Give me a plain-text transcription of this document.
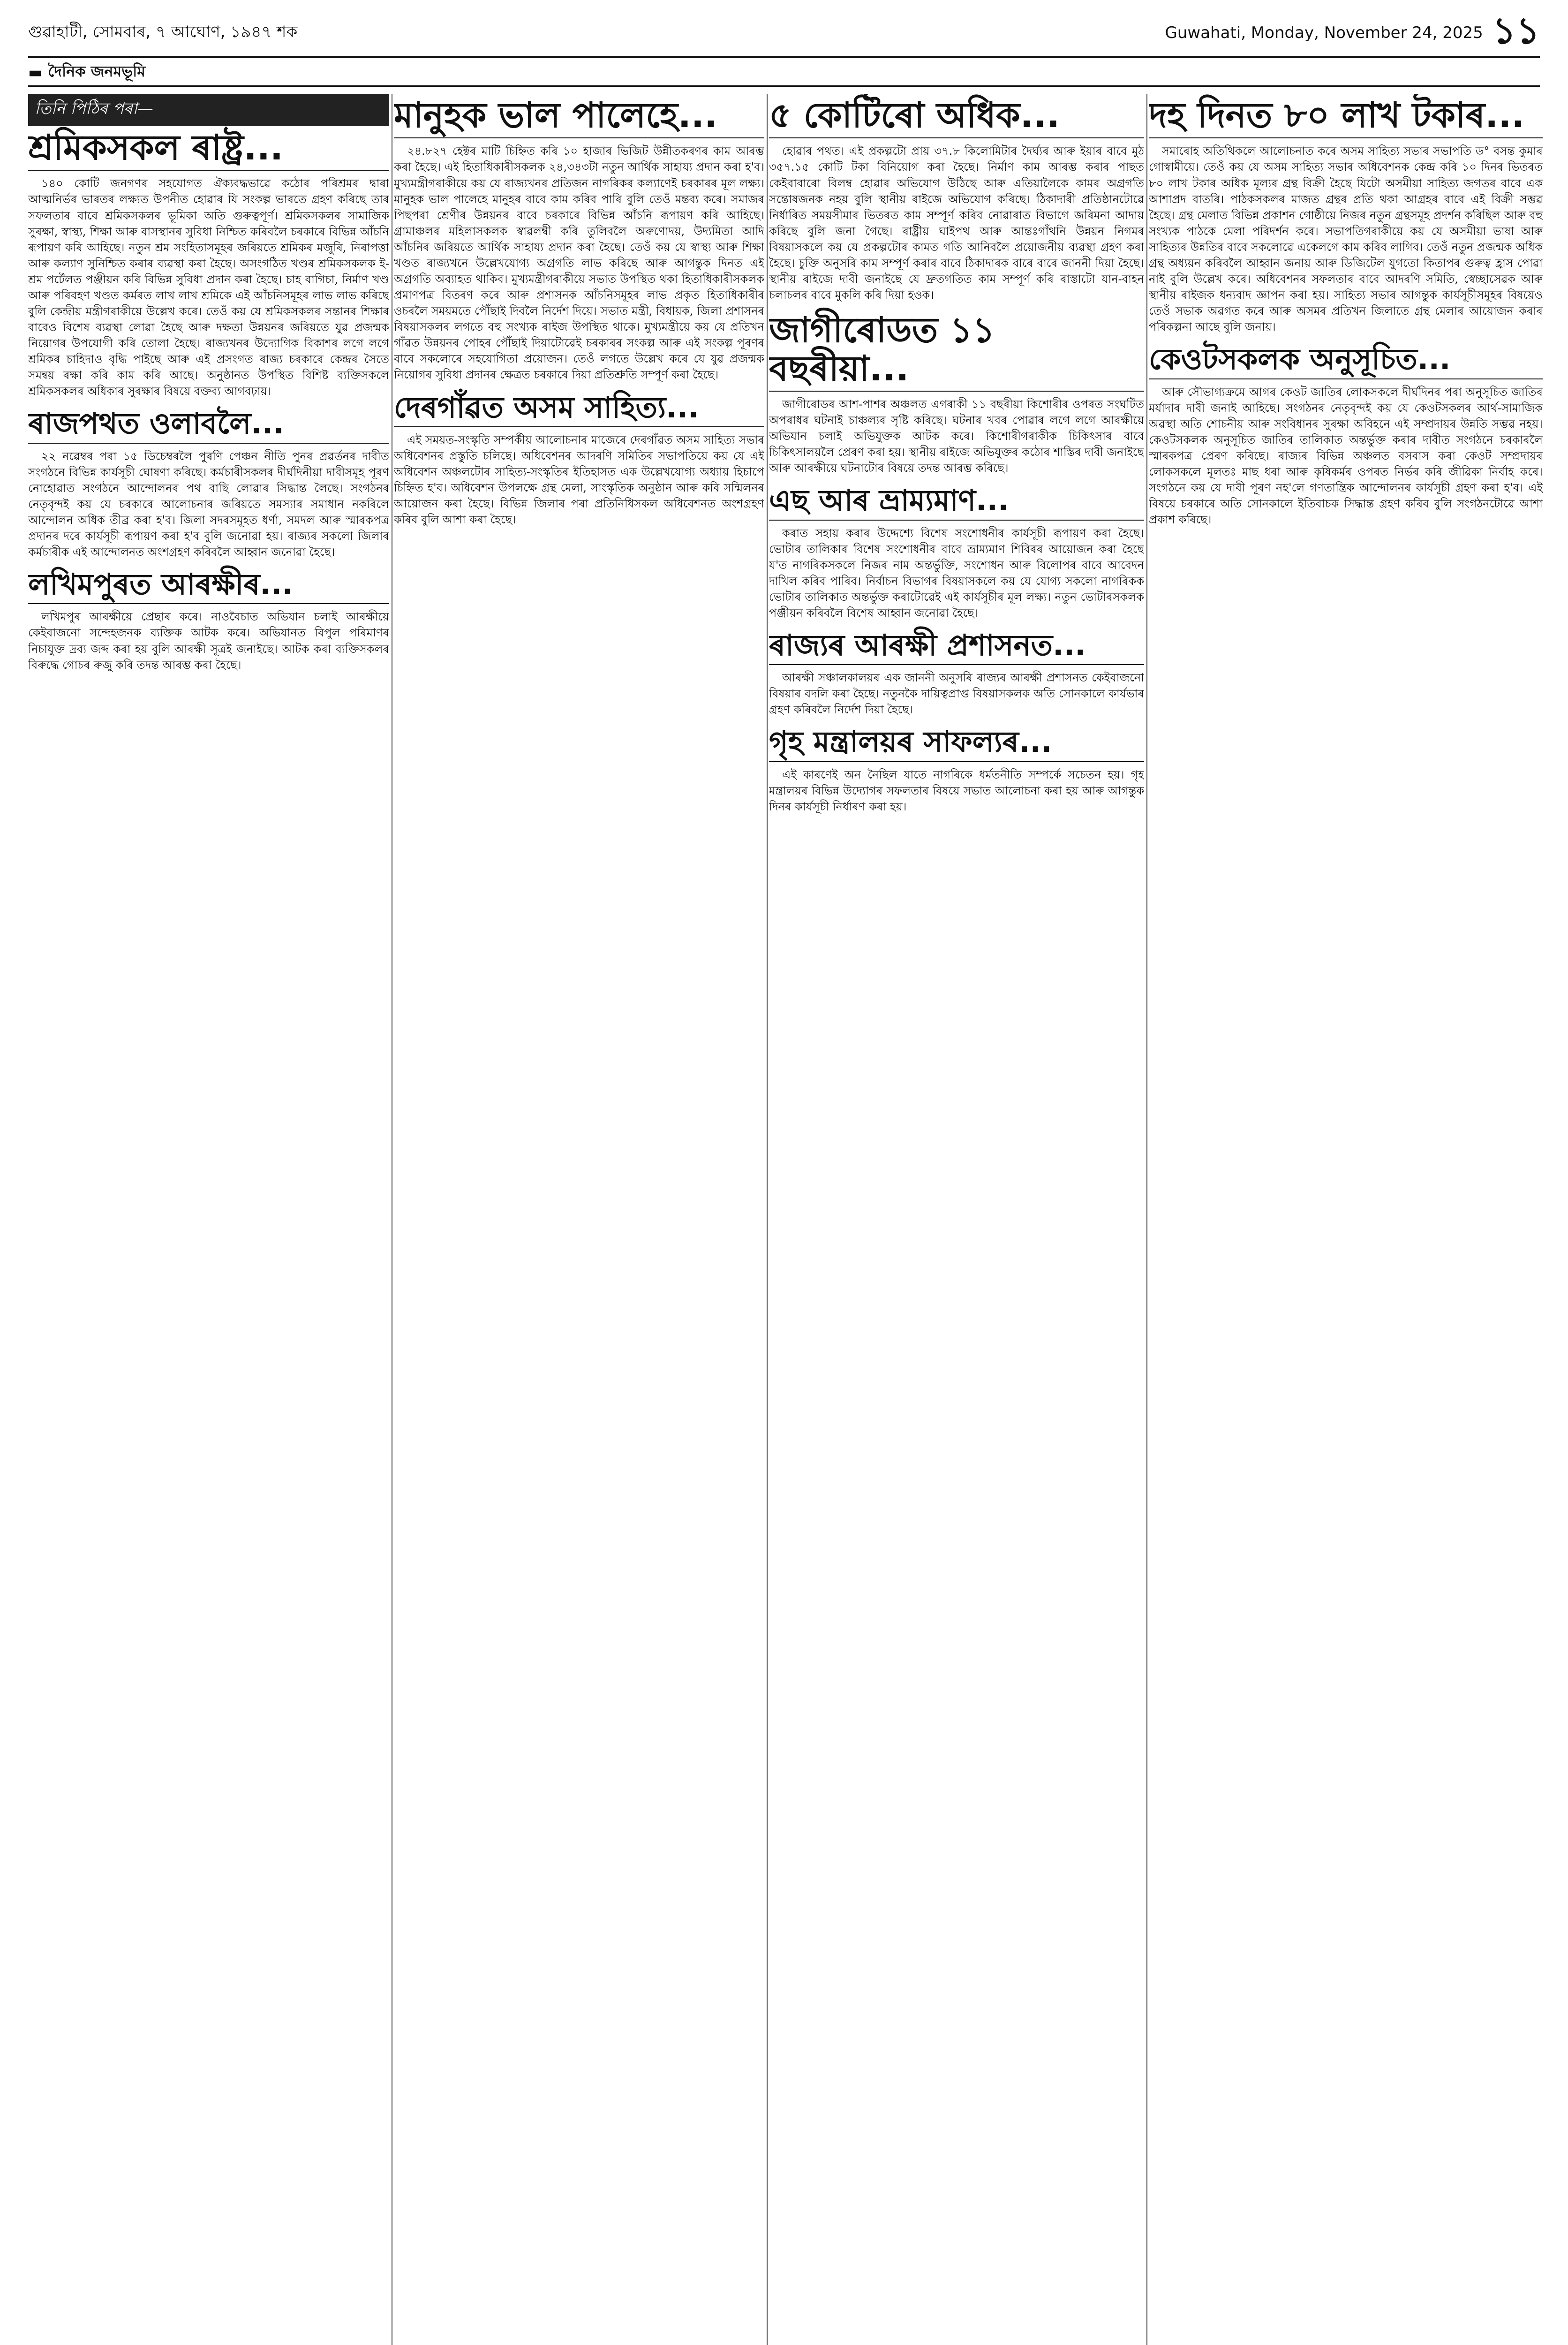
গুৱাহাটী, সোমবাৰ, ৭ আঘোণ, ১৯৪৭ শক	Guwahati, Monday, November 24, 2025 ১১
▬ দৈনিক জনমভূমি
তিনি পিঠিৰ পৰা—
শ্ৰমিকসকল ৰাষ্ট্ৰ...

১৪০ কোটি জনগণৰ সহযোগত ঐক্যবদ্ধভাৱে কঠোৰ পৰিশ্ৰমৰ দ্বাৰা আত্মনিৰ্ভৰ ভাৰতৰ লক্ষ্যত উপনীত হোৱাৰ যি সংকল্প ভাৰতে গ্ৰহণ কৰিছে তাৰ সফলতাৰ বাবে শ্ৰমিকসকলৰ ভূমিকা অতি গুৰুত্বপূৰ্ণ। শ্ৰমিকসকলৰ সামাজিক সুৰক্ষা, স্বাস্থ্য, শিক্ষা আৰু বাসস্থানৰ সুবিধা নিশ্চিত কৰিবলৈ চৰকাৰে বিভিন্ন আঁচনি ৰূপায়ণ কৰি আহিছে। নতুন শ্ৰম সংহিতাসমূহৰ জৰিয়তে শ্ৰমিকৰ মজুৰি, নিৰাপত্তা আৰু কল্যাণ সুনিশ্চিত কৰাৰ ব্যৱস্থা কৰা হৈছে। অসংগঠিত খণ্ডৰ শ্ৰমিকসকলক ই-শ্ৰম পৰ্টেলত পঞ্জীয়ন কৰি বিভিন্ন সুবিধা প্ৰদান কৰা হৈছে। চাহ বাগিচা, নিৰ্মাণ খণ্ড আৰু পৰিবহণ খণ্ডত কৰ্মৰত লাখ লাখ শ্ৰমিকে এই আঁচনিসমূহৰ লাভ লাভ কৰিছে বুলি কেন্দ্ৰীয় মন্ত্ৰীগৰাকীয়ে উল্লেখ কৰে। তেওঁ কয় যে শ্ৰমিকসকলৰ সন্তানৰ শিক্ষাৰ বাবেও বিশেষ ব্যৱস্থা লোৱা হৈছে আৰু দক্ষতা উন্নয়নৰ জৰিয়তে যুৱ প্ৰজন্মক নিয়োগৰ উপযোগী কৰি তোলা হৈছে। ৰাজ্যখনৰ উদ্যোগিক বিকাশৰ লগে লগে শ্ৰমিকৰ চাহিদাও বৃদ্ধি পাইছে আৰু এই প্ৰসংগত ৰাজ্য চৰকাৰে কেন্দ্ৰৰ সৈতে সমন্বয় ৰক্ষা কৰি কাম কৰি আছে। অনুষ্ঠানত উপস্থিত বিশিষ্ট ব্যক্তিসকলে শ্ৰমিকসকলৰ অধিকাৰ সুৰক্ষাৰ বিষয়ে বক্তব্য আগবঢ়ায়।

ৰাজপথত ওলাবলৈ...

২২ নৱেম্বৰ পৰা ১৫ ডিচেম্বৰলৈ পুৰণি পেঞ্চন নীতি পুনৰ প্ৰৱৰ্তনৰ দাবীত সংগঠনে বিভিন্ন কাৰ্যসূচী ঘোষণা কৰিছে। কৰ্মচাৰীসকলৰ দীৰ্ঘদিনীয়া দাবীসমূহ পূৰণ নোহোৱাত সংগঠনে আন্দোলনৰ পথ বাছি লোৱাৰ সিদ্ধান্ত লৈছে। সংগঠনৰ নেতৃবৃন্দই কয় যে চৰকাৰে আলোচনাৰ জৰিয়তে সমস্যাৰ সমাধান নকৰিলে আন্দোলন অধিক তীব্ৰ কৰা হ'ব। জিলা সদৰসমূহত ধৰ্ণা, সমদল আৰু স্মাৰকপত্ৰ প্ৰদানৰ দৰে কাৰ্যসূচী ৰূপায়ণ কৰা হ'ব বুলি জনোৱা হয়। ৰাজ্যৰ সকলো জিলাৰ কৰ্মচাৰীক এই আন্দোলনত অংশগ্ৰহণ কৰিবলৈ আহ্বান জনোৱা হৈছে।

লখিমপুৰত আৰক্ষীৰ...

লখিমপুৰ আৰক্ষীয়ে প্ৰেছাৰ কৰে। নাওবৈচাত অভিযান চলাই আৰক্ষীয়ে কেইবাজনো সন্দেহজনক ব্যক্তিক আটক কৰে। অভিযানত বিপুল পৰিমাণৰ নিচাযুক্ত দ্ৰব্য জব্দ কৰা হয় বুলি আৰক্ষী সূত্ৰই জনাইছে। আটক কৰা ব্যক্তিসকলৰ বিৰুদ্ধে গোচৰ ৰুজু কৰি তদন্ত আৰম্ভ কৰা হৈছে।

মানুহক ভাল পালেহে...

২৪.৮২৭ হেক্টৰ মাটি চিহ্নিত কৰি ১০ হাজাৰ ভিজিট উন্নীতকৰণৰ কাম আৰম্ভ কৰা হৈছে। এই হিতাধিকাৰীসকলক ২৪,৩৪৩টা নতুন আৰ্থিক সাহায্য প্ৰদান কৰা হ'ব। মুখ্যমন্ত্ৰীগৰাকীয়ে কয় যে ৰাজ্যখনৰ প্ৰতিজন নাগৰিকৰ কল্যাণেই চৰকাৰৰ মূল লক্ষ্য। মানুহক ভাল পালেহে মানুহৰ বাবে কাম কৰিব পাৰি বুলি তেওঁ মন্তব্য কৰে। সমাজৰ পিছপৰা শ্ৰেণীৰ উন্নয়নৰ বাবে চৰকাৰে বিভিন্ন আঁচনি ৰূপায়ণ কৰি আহিছে। গ্ৰামাঞ্চলৰ মহিলাসকলক স্বাৱলম্বী কৰি তুলিবলৈ অৰুণোদয়, উদ্যমিতা আদি আঁচনিৰ জৰিয়তে আৰ্থিক সাহায্য প্ৰদান কৰা হৈছে। তেওঁ কয় যে স্বাস্থ্য আৰু শিক্ষা খণ্ডত ৰাজ্যখনে উল্লেখযোগ্য অগ্ৰগতি লাভ কৰিছে আৰু আগন্তুক দিনত এই অগ্ৰগতি অব্যাহত থাকিব। মুখ্যমন্ত্ৰীগৰাকীয়ে সভাত উপস্থিত থকা হিতাধিকাৰীসকলক প্ৰমাণপত্ৰ বিতৰণ কৰে আৰু প্ৰশাসনক আঁচনিসমূহৰ লাভ প্ৰকৃত হিতাধিকাৰীৰ ওচৰলৈ সময়মতে পৌঁছাই দিবলৈ নিৰ্দেশ দিয়ে। সভাত মন্ত্ৰী, বিধায়ক, জিলা প্ৰশাসনৰ বিষয়াসকলৰ লগতে বহু সংখ্যক ৰাইজ উপস্থিত থাকে। মুখ্যমন্ত্ৰীয়ে কয় যে প্ৰতিখন গাঁৱত উন্নয়নৰ পোহৰ পৌঁছাই দিয়াটোৱেই চৰকাৰৰ সংকল্প আৰু এই সংকল্প পূৰণৰ বাবে সকলোৰে সহযোগিতা প্ৰয়োজন। তেওঁ লগতে উল্লেখ কৰে যে যুৱ প্ৰজন্মক নিয়োগৰ সুবিধা প্ৰদানৰ ক্ষেত্ৰত চৰকাৰে দিয়া প্ৰতিশ্ৰুতি সম্পূৰ্ণ কৰা হৈছে।

দেৰগাঁৱত অসম সাহিত্য...

এই সময়ত-সংস্কৃতি সম্পৰ্কীয় আলোচনাৰ মাজেৰে দেৰগাঁৱত অসম সাহিত্য সভাৰ অধিবেশনৰ প্ৰস্তুতি চলিছে। অধিবেশনৰ আদৰণি সমিতিৰ সভাপতিয়ে কয় যে এই অধিবেশন অঞ্চলটোৰ সাহিত্য-সংস্কৃতিৰ ইতিহাসত এক উল্লেখযোগ্য অধ্যায় হিচাপে চিহ্নিত হ'ব। অধিবেশন উপলক্ষে গ্ৰন্থ মেলা, সাংস্কৃতিক অনুষ্ঠান আৰু কবি সন্মিলনৰ আয়োজন কৰা হৈছে। বিভিন্ন জিলাৰ পৰা প্ৰতিনিধিসকল অধিবেশনত অংশগ্ৰহণ কৰিব বুলি আশা কৰা হৈছে।

৫ কোটিৰো অধিক...

হোৱাৰ পথত। এই প্ৰকল্পটো প্ৰায় ৩৭.৮ কিলোমিটাৰ দৈৰ্ঘ্যৰ আৰু ইয়াৰ বাবে মুঠ ৩৫৭.১৫ কোটি টকা বিনিয়োগ কৰা হৈছে। নিৰ্মাণ কাম আৰম্ভ কৰাৰ পাছত কেইবাবাৰো বিলম্ব হোৱাৰ অভিযোগ উঠিছে আৰু এতিয়ালৈকে কামৰ অগ্ৰগতি সন্তোষজনক নহয় বুলি স্থানীয় ৰাইজে অভিযোগ কৰিছে। ঠিকাদাৰী প্ৰতিষ্ঠানটোৱে নিৰ্ধাৰিত সময়সীমাৰ ভিতৰত কাম সম্পূৰ্ণ কৰিব নোৱাৰাত বিভাগে জৰিমনা আদায় কৰিছে বুলি জনা গৈছে। ৰাষ্ট্ৰীয় ঘাইপথ আৰু আন্তঃগাঁথনি উন্নয়ন নিগমৰ বিষয়াসকলে কয় যে প্ৰকল্পটোৰ কামত গতি আনিবলৈ প্ৰয়োজনীয় ব্যৱস্থা গ্ৰহণ কৰা হৈছে। চুক্তি অনুসৰি কাম সম্পূৰ্ণ কৰাৰ বাবে ঠিকাদাৰক বাৰে বাৰে জাননী দিয়া হৈছে। স্থানীয় ৰাইজে দাবী জনাইছে যে দ্ৰুতগতিত কাম সম্পূৰ্ণ কৰি ৰাস্তাটো যান-বাহন চলাচলৰ বাবে মুকলি কৰি দিয়া হওক।

জাগীৰোডত ১১ বছৰীয়া...

জাগীৰোডৰ আশ-পাশৰ অঞ্চলত এগৰাকী ১১ বছৰীয়া কিশোৰীৰ ওপৰত সংঘটিত অপৰাধৰ ঘটনাই চাঞ্চল্যৰ সৃষ্টি কৰিছে। ঘটনাৰ খবৰ পোৱাৰ লগে লগে আৰক্ষীয়ে অভিযান চলাই অভিযুক্তক আটক কৰে। কিশোৰীগৰাকীক চিকিৎসাৰ বাবে চিকিৎসালয়লৈ প্ৰেৰণ কৰা হয়। স্থানীয় ৰাইজে অভিযুক্তৰ কঠোৰ শাস্তিৰ দাবী জনাইছে আৰু আৰক্ষীয়ে ঘটনাটোৰ বিষয়ে তদন্ত আৰম্ভ কৰিছে।

এছ আৰ ভ্ৰাম্যমাণ...

কৰাত সহায় কৰাৰ উদ্দেশ্যে বিশেষ সংশোধনীৰ কাৰ্যসূচী ৰূপায়ণ কৰা হৈছে। ভোটাৰ তালিকাৰ বিশেষ সংশোধনীৰ বাবে ভ্ৰাম্যমাণ শিবিৰৰ আয়োজন কৰা হৈছে য'ত নাগৰিকসকলে নিজৰ নাম অন্তৰ্ভুক্তি, সংশোধন আৰু বিলোপৰ বাবে আবেদন দাখিল কৰিব পাৰিব। নিৰ্বাচন বিভাগৰ বিষয়াসকলে কয় যে যোগ্য সকলো নাগৰিকক ভোটাৰ তালিকাত অন্তৰ্ভুক্ত কৰাটোৱেই এই কাৰ্যসূচীৰ মূল লক্ষ্য। নতুন ভোটাৰসকলক পঞ্জীয়ন কৰিবলৈ বিশেষ আহ্বান জনোৱা হৈছে।

ৰাজ্যৰ আৰক্ষী প্ৰশাসনত...

আৰক্ষী সঞ্চালকালয়ৰ এক জাননী অনুসৰি ৰাজ্যৰ আৰক্ষী প্ৰশাসনত কেইবাজনো বিষয়াৰ বদলি কৰা হৈছে। নতুনকৈ দায়িত্বপ্ৰাপ্ত বিষয়াসকলক অতি সোনকালে কাৰ্যভাৰ গ্ৰহণ কৰিবলৈ নিৰ্দেশ দিয়া হৈছে।

গৃহ মন্ত্ৰালয়ৰ সাফল্যৰ...

এই কাৰণেই অন নৈছিল যাতে নাগৰিকে ধৰ্মতনীতি সম্পৰ্কে সচেতন হয়। গৃহ মন্ত্ৰালয়ৰ বিভিন্ন উদ্যোগৰ সফলতাৰ বিষয়ে সভাত আলোচনা কৰা হয় আৰু আগন্তুক দিনৰ কাৰ্যসূচী নিৰ্ধাৰণ কৰা হয়।

দহ দিনত ৮০ লাখ টকাৰ...

সমাৰোহ অতিথিকলে আলোচনাত কৰে অসম সাহিত্য সভাৰ সভাপতি ড° বসন্ত কুমাৰ গোস্বামীয়ে। তেওঁ কয় যে অসম সাহিত্য সভাৰ অধিবেশনক কেন্দ্ৰ কৰি ১০ দিনৰ ভিতৰত ৮০ লাখ টকাৰ অধিক মূল্যৰ গ্ৰন্থ বিক্ৰী হৈছে যিটো অসমীয়া সাহিত্য জগতৰ বাবে এক আশাপ্ৰদ বাতৰি। পাঠকসকলৰ মাজত গ্ৰন্থৰ প্ৰতি থকা আগ্ৰহৰ বাবে এই বিক্ৰী সম্ভৱ হৈছে। গ্ৰন্থ মেলাত বিভিন্ন প্ৰকাশন গোষ্ঠীয়ে নিজৰ নতুন গ্ৰন্থসমূহ প্ৰদৰ্শন কৰিছিল আৰু বহু সংখ্যক পাঠকে মেলা পৰিদৰ্শন কৰে। সভাপতিগৰাকীয়ে কয় যে অসমীয়া ভাষা আৰু সাহিত্যৰ উন্নতিৰ বাবে সকলোৱে একেলগে কাম কৰিব লাগিব। তেওঁ নতুন প্ৰজন্মক অধিক গ্ৰন্থ অধ্যয়ন কৰিবলৈ আহ্বান জনায় আৰু ডিজিটেল যুগতো কিতাপৰ গুৰুত্ব হ্ৰাস পোৱা নাই বুলি উল্লেখ কৰে। অধিবেশনৰ সফলতাৰ বাবে আদৰণি সমিতি, স্বেচ্ছাসেৱক আৰু স্থানীয় ৰাইজক ধন্যবাদ জ্ঞাপন কৰা হয়। সাহিত্য সভাৰ আগন্তুক কাৰ্যসূচীসমূহৰ বিষয়েও তেওঁ সভাক অৱগত কৰে আৰু অসমৰ প্ৰতিখন জিলাতে গ্ৰন্থ মেলাৰ আয়োজন কৰাৰ পৰিকল্পনা আছে বুলি জনায়।

কেওটসকলক অনুসূচিত...

আৰু সৌভাগ্যক্ৰমে আগৰ কেওট জাতিৰ লোকসকলে দীৰ্ঘদিনৰ পৰা অনুসূচিত জাতিৰ মৰ্যাদাৰ দাবী জনাই আহিছে। সংগঠনৰ নেতৃবৃন্দই কয় যে কেওটসকলৰ আৰ্থ-সামাজিক অৱস্থা অতি শোচনীয় আৰু সংবিধানৰ সুৰক্ষা অবিহনে এই সম্প্ৰদায়ৰ উন্নতি সম্ভৱ নহয়। কেওটসকলক অনুসূচিত জাতিৰ তালিকাত অন্তৰ্ভুক্ত কৰাৰ দাবীত সংগঠনে চৰকাৰলৈ স্মাৰকপত্ৰ প্ৰেৰণ কৰিছে। ৰাজ্যৰ বিভিন্ন অঞ্চলত বসবাস কৰা কেওট সম্প্ৰদায়ৰ লোকসকলে মূলতঃ মাছ ধৰা আৰু কৃষিকৰ্মৰ ওপৰত নিৰ্ভৰ কৰি জীৱিকা নিৰ্বাহ কৰে। সংগঠনে কয় যে দাবী পূৰণ নহ'লে গণতান্ত্ৰিক আন্দোলনৰ কাৰ্যসূচী গ্ৰহণ কৰা হ'ব। এই বিষয়ে চৰকাৰে অতি সোনকালে ইতিবাচক সিদ্ধান্ত গ্ৰহণ কৰিব বুলি সংগঠনটোৱে আশা প্ৰকাশ কৰিছে।
